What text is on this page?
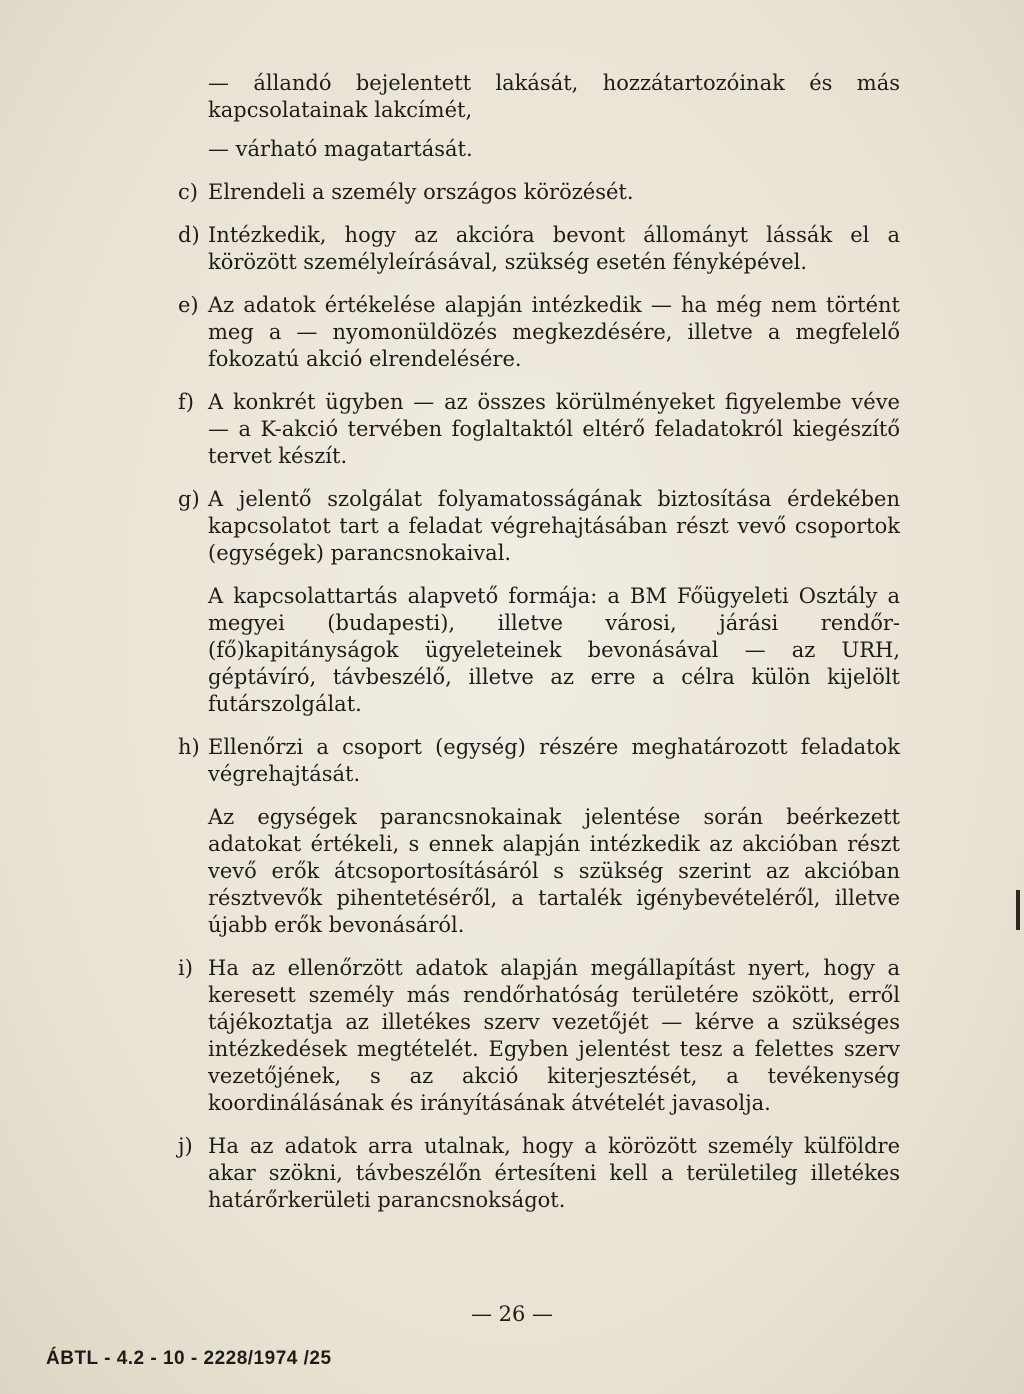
— állandó bejelentett lakását, hozzátartozóinak és más kapcsolatainak lakcímét,

— várható magatartását.

c) Elrendeli a személy országos körözését.

d) Intézkedik, hogy az akcióra bevont állományt lássák el a körözött személyleírásával, szükség esetén fényképével.

e) Az adatok értékelése alapján intézkedik — ha még nem történt meg a — nyomonüldözés megkezdésére, illetve a megfelelő fokozatú akció elrendelésére.

f) A konkrét ügyben — az összes körülményeket figyelembe véve — a K-akció tervében foglaltaktól eltérő feladatokról kiegészítő tervet készít.

g) A jelentő szolgálat folyamatosságának biztosítása érdekében kapcsolatot tart a feladat végrehajtásában részt vevő csoportok (egységek) parancsnokaival.

A kapcsolattartás alapvető formája: a BM Főügyeleti Osztály a megyei (budapesti), illetve városi, járási rendőr-(fő)kapitányságok ügyeleteinek bevonásával — az URH, géptávíró, távbeszélő, illetve az erre a célra külön kijelölt futárszolgálat.

h) Ellenőrzi a csoport (egység) részére meghatározott feladatok végrehajtását.

Az egységek parancsnokainak jelentése során beérkezett adatokat értékeli, s ennek alapján intézkedik az akcióban részt vevő erők átcsoportosításáról s szükség szerint az akcióban résztvevők pihentetéséről, a tartalék igénybevételéről, illetve újabb erők bevonásáról.

i) Ha az ellenőrzött adatok alapján megállapítást nyert, hogy a keresett személy más rendőrhatóság területére szökött, erről tájékoztatja az illetékes szerv vezetőjét — kérve a szükséges intézkedések megtételét. Egyben jelentést tesz a felettes szerv vezetőjének, s az akció kiterjesztését, a tevékenység koordinálásának és irányításának átvételét javasolja.

j) Ha az adatok arra utalnak, hogy a körözött személy külföldre akar szökni, távbeszélőn értesíteni kell a területileg illetékes határőrkerületi parancsnokságot.

— 26 —
ÁBTL - 4.2 - 10 - 2228/1974 /25
